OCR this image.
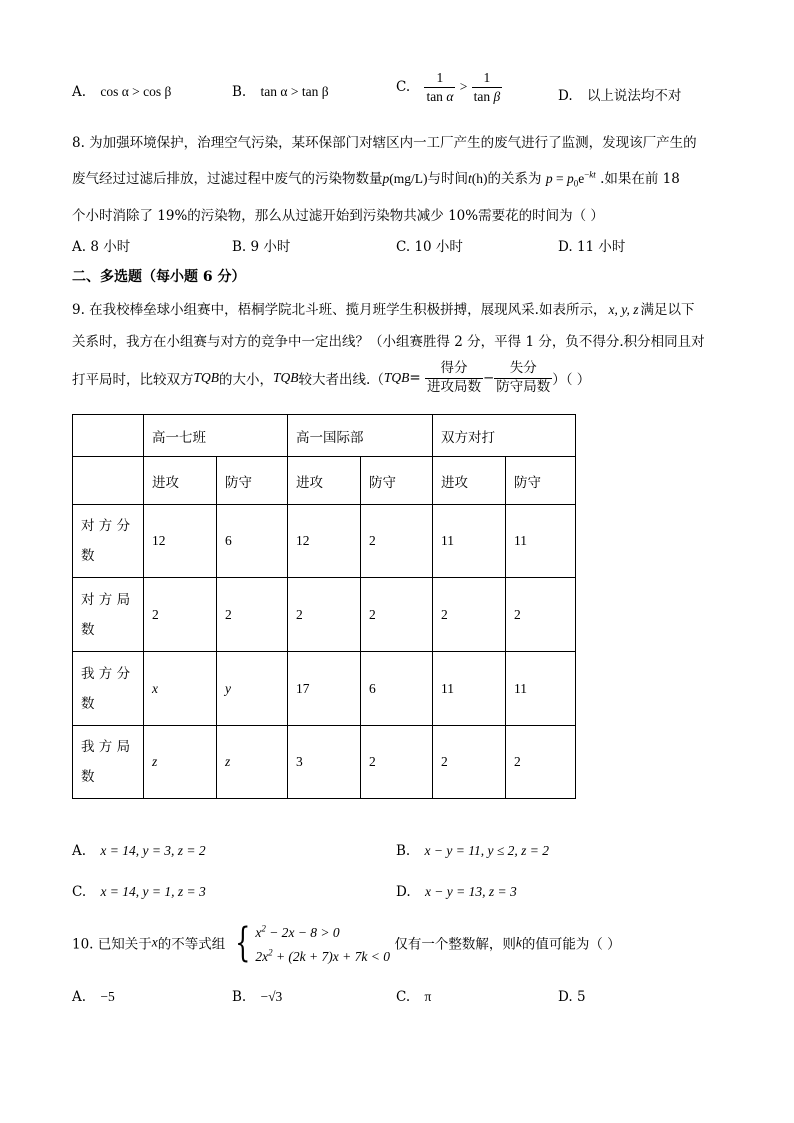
A. cos α > cos β	B. tan α > tan β	C. $\frac{1}{\text{tan α}} > \frac{1}{\text{tan β}}$	D. 以上说法均不对
8. 为加强环境保护，治理空气污染，某环保部门对辖区内一工厂产生的废气进行了监测，发现该厂产生的
废气经过过滤后排放，过滤过程中废气的污染物数量p(mg/L)与时间t(h)的关系为 $p = p_0e^{-kt}$ .如果在前 18
个小时消除了 19%的污染物，那么从过滤开始到污染物共减少 10%需要花的时间为（ ）
A. 8 小时	B. 9 小时	C. 10 小时	D. 11 小时
二、多选题（每小题 6 分）
9. 在我校棒垒球小组赛中，梧桐学院北斗班、揽月班学生积极拼搏，展现风采.如表所示， x, y, z 满足以下
关系时，我方在小组赛与对方的竞争中一定出线？（小组赛胜得 2 分，平得 1 分，负不得分.积分相同且对
打平局时，比较双方TQB的大小，TQB较大者出线$.(TQB= \frac{\text{得分}}{\text{进攻局数}} - \frac{\text{失分}}{\text{防守局数}}$ ）（ ）
	高一七班		高一国际部		双方对打	
	进攻	防守	进攻	防守	进攻	防守
对 方 分
数	12	6	12	2	11	11
对 方 局
数	2	2	2	2	2	2
我 方 分
数	x	y	17	6	11	11
我 方 局
数	z	z	3	2	2	2
A. x = 14, y = 3, z = 2	B. x − y = 11, y ≤ 2, z = 2
C. x = 14, y = 1, z = 3	D. x − y = 13, z = 3
10. 已知关于x的不等式组 { $x^2 - 2x - 8 > 0$
$2x^2 + (2k + 7)x + 7k < 0$ 仅有一个整数解，则k的值可能为（ ）
A. −5	B. −√3	C. π	D. 5
